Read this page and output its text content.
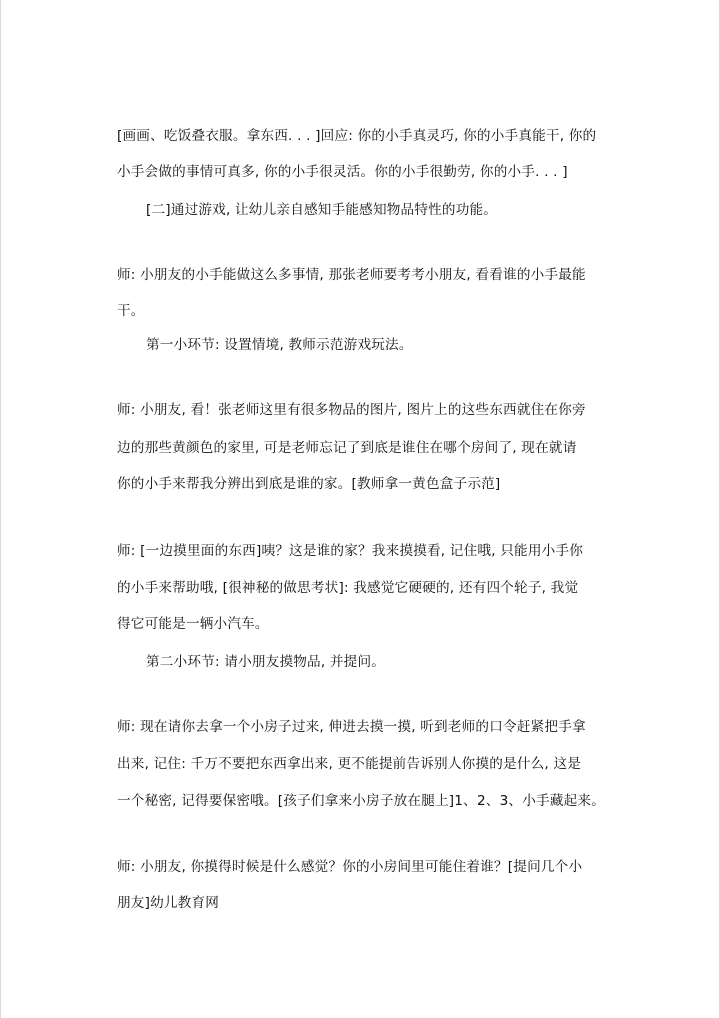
[画画、吃饭叠衣服。拿东西. . . ]回应: 你的小手真灵巧, 你的小手真能干, 你的

小手会做的事情可真多, 你的小手很灵活。你的小手很勤劳, 你的小手. . . ]

[二]通过游戏, 让幼儿亲自感知手能感知物品特性的功能。

师: 小朋友的小手能做这么多事情, 那张老师要考考小朋友, 看看谁的小手最能

干。

第一小环节: 设置情境, 教师示范游戏玩法。

师: 小朋友, 看！张老师这里有很多物品的图片, 图片上的这些东西就住在你旁

边的那些黄颜色的家里, 可是老师忘记了到底是谁住在哪个房间了, 现在就请

你的小手来帮我分辨出到底是谁的家。[教师拿一黄色盒子示范]

师: [一边摸里面的东西]咦？这是谁的家？我来摸摸看, 记住哦, 只能用小手你

的小手来帮助哦, [很神秘的做思考状]: 我感觉它硬硬的, 还有四个轮子, 我觉

得它可能是一辆小汽车。

第二小环节: 请小朋友摸物品, 并提问。

师: 现在请你去拿一个小房子过来, 伸进去摸一摸, 听到老师的口令赶紧把手拿

出来, 记住: 千万不要把东西拿出来, 更不能提前告诉别人你摸的是什么, 这是

一个秘密, 记得要保密哦。[孩子们拿来小房子放在腿上]1、2、3、小手藏起来。

师: 小朋友, 你摸得时候是什么感觉？你的小房间里可能住着谁？[提问几个小

朋友]幼儿教育网
